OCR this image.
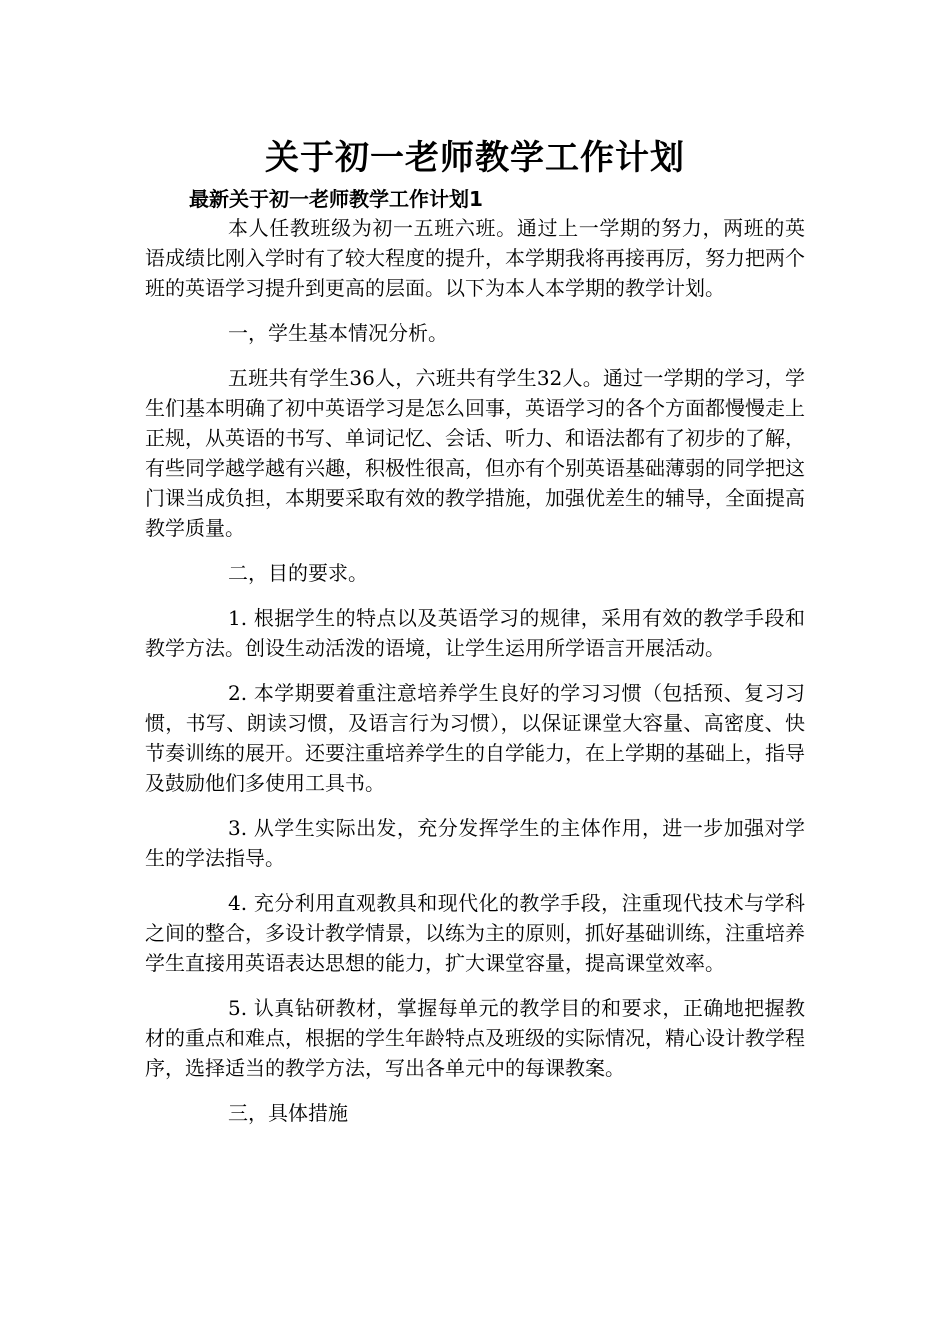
关于初一老师教学工作计划
最新关于初一老师教学工作计划1

本人任教班级为初一五班六班。通过上一学期的努力，两班的英语成绩比刚入学时有了较大程度的提升，本学期我将再接再厉，努力把两个班的英语学习提升到更高的层面。以下为本人本学期的教学计划。

一，学生基本情况分析。

五班共有学生36人，六班共有学生32人。通过一学期的学习，学生们基本明确了初中英语学习是怎么回事，英语学习的各个方面都慢慢走上正规，从英语的书写、单词记忆、会话、听力、和语法都有了初步的了解，有些同学越学越有兴趣，积极性很高，但亦有个别英语基础薄弱的同学把这门课当成负担，本期要采取有效的教学措施，加强优差生的辅导，全面提高教学质量。

二，目的要求。

1. 根据学生的特点以及英语学习的规律，采用有效的教学手段和教学方法。创设生动活泼的语境，让学生运用所学语言开展活动。

2. 本学期要着重注意培养学生良好的学习习惯（包括预、复习习惯，书写、朗读习惯，及语言行为习惯），以保证课堂大容量、高密度、快节奏训练的展开。还要注重培养学生的自学能力，在上学期的基础上，指导及鼓励他们多使用工具书。

3. 从学生实际出发，充分发挥学生的主体作用，进一步加强对学生的学法指导。

4. 充分利用直观教具和现代化的教学手段，注重现代技术与学科之间的整合，多设计教学情景，以练为主的原则，抓好基础训练，注重培养学生直接用英语表达思想的能力，扩大课堂容量，提高课堂效率。

5. 认真钻研教材，掌握每单元的教学目的和要求，正确地把握教材的重点和难点，根据的学生年龄特点及班级的实际情况，精心设计教学程序，选择适当的教学方法，写出各单元中的每课教案。

三，具体措施
